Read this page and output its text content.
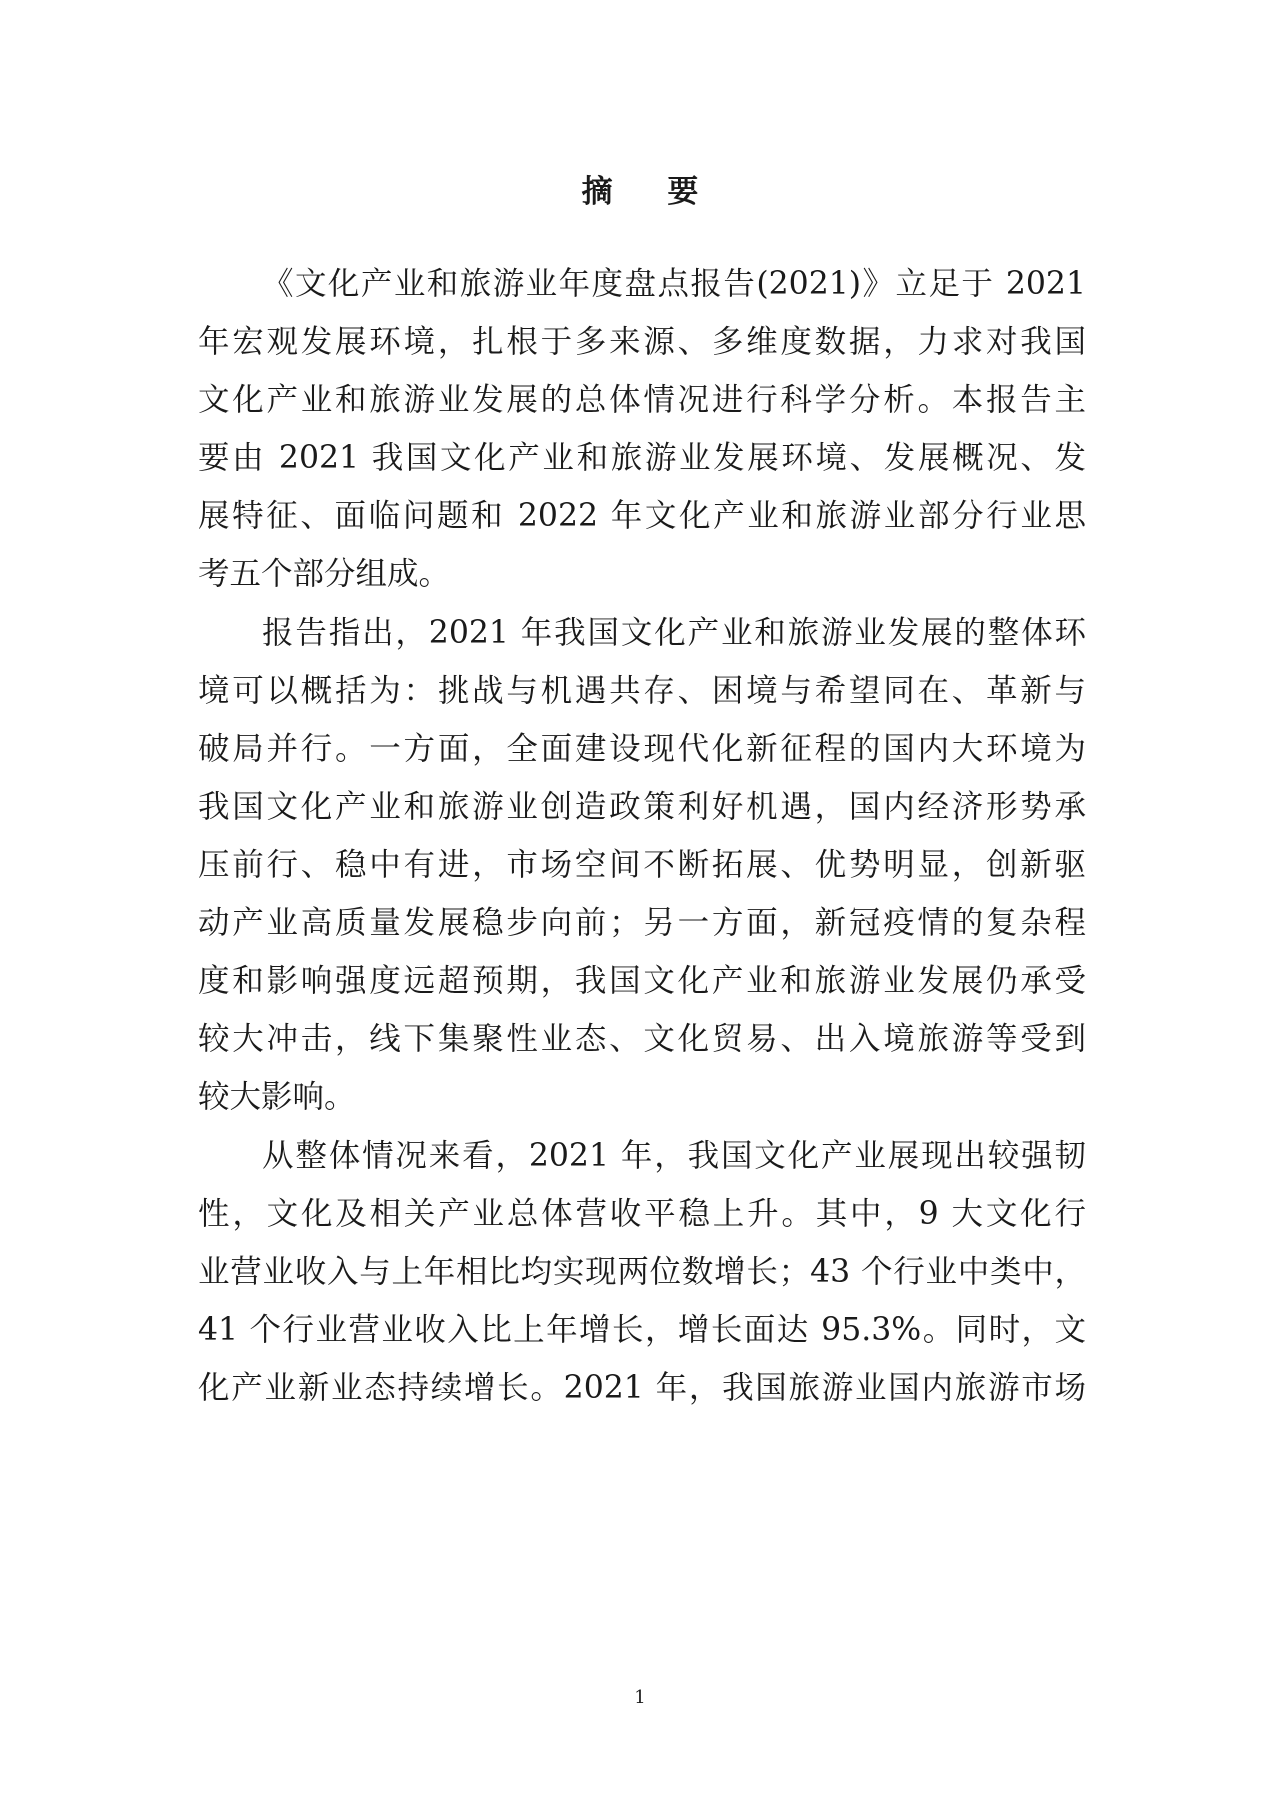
摘 要
《文化产业和旅游业年度盘点报告(2021)》立足于 2021
年宏观发展环境，扎根于多来源、多维度数据，力求对我国
文化产业和旅游业发展的总体情况进行科学分析。本报告主
要由 2021 我国文化产业和旅游业发展环境、发展概况、发
展特征、面临问题和 2022 年文化产业和旅游业部分行业思
考五个部分组成。
报告指出，2021 年我国文化产业和旅游业发展的整体环
境可以概括为：挑战与机遇共存、困境与希望同在、革新与
破局并行。一方面，全面建设现代化新征程的国内大环境为
我国文化产业和旅游业创造政策利好机遇，国内经济形势承
压前行、稳中有进，市场空间不断拓展、优势明显，创新驱
动产业高质量发展稳步向前；另一方面，新冠疫情的复杂程
度和影响强度远超预期，我国文化产业和旅游业发展仍承受
较大冲击，线下集聚性业态、文化贸易、出入境旅游等受到
较大影响。
从整体情况来看，2021 年，我国文化产业展现出较强韧
性，文化及相关产业总体营收平稳上升。其中，9 大文化行
业营业收入与上年相比均实现两位数增长；43 个行业中类中，
41 个行业营业收入比上年增长，增长面达 95.3%。同时，文
化产业新业态持续增长。2021 年，我国旅游业国内旅游市场
1
